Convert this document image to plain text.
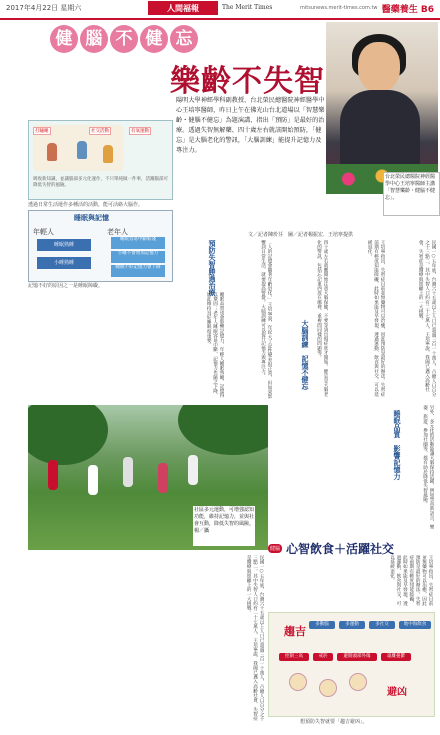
2017年4月22日 星期六	人間福報	The Merit Times	mitsunews.merit-times.com.tw 醫藥養生 B6
健 腦 不 健 忘
樂齡不失智
台北榮民總醫院神經醫學中心王培寧醫師主講「智慧樂齡・健腦不健忘」。
陽明大學神經學科副教授、台北榮民總醫院神經醫學中心王培寧醫師，昨日上午在佛光山台北道場以「智慧樂齡・健腦不健忘」為題演講，指出「預防」是最好的治療。透過失智無解藥、四十歲左右就該開始預防，「健忘」是大腦老化的警訊，「大腦訓練」能提升記憶力及專注力。
打瞌睡	社交活動	有氧運動
吸收新知識，並讓腦部多元化運作，不只單純做一件事，活躍腦部可降低失智的風險。
透過日常生活運作多種活的活動，能可活絡大腦作。
睡眠與記憶
年輕人	老年人
睡眠熟睡
小睡熟睡
睡眠容易中斷較淺
小睡不會增加記憶力
睡眠不好記憶力會下降
記憶不好的原因之一是睡眠障礙。
文／記者陳玠芬　圖／記者楊振宏．王培寧提供
民國一○五年底，台灣六十五歲以上人口已超過三百一十萬人，占總人口百分之十三點二，其中失智人口約有二十七萬人，王培寧說，我國已邁入高齡社會，失智症是醫療與照顧上的一大挑戰。
王培寧指出，失智症目前並無藥物可以治癒，因此預防是最好的辦法。失智症前期有輕度知能障礙，此時如果能及早發現，透過運動、飲食與社交，可以延緩退化。
四十歲左右就應開始注意大腦保健，不要等到出現症狀才開始。健忘是大腦老化的警訊，包括忘記東西放在哪裡、重複問同樣的問題等。
「人的記憶會隨著年齡退化。」王培寧說，年紀大了記性變差很正常，但如果影響到日常生活，就要提高警覺。大腦訓練可以提升記憶力與專注力。
睡眠品質也會影響記憶力，年輕人睡眠熟睡，記憶得以鞏固；老年人睡眠容易中斷，記憶力也隨之下降，因此維持良好睡眠很重要。
另外，多元化的活動能讓大腦保持活躍，例如學習新語言、樂器、旅遊、參加社團等，都有助於降低失智風險。
民國一○五年底，台灣六十五歲以上人口已超過三百一十萬人，占總人口百分之十三點二，其中失智人口約有二十七萬人，王培寧說，我國已邁入高齡社會，失智症是醫療與照顧上的一大挑戰。	王培寧指出，失智症目前並無藥物可以治癒，因此預防是最好的辦法。失智症前期有輕度知能障礙，此時如果能及早發現，透過運動、飲食與社交，可以延緩退化。
預防失智勝過治療
大腦訓練　記憶不健忘
睡眠品質　影響記憶力
社區多元運動，可增強認知功能，維持記憶力，並與社會互動，降低失智的風險。楊／攝
健腦 心智飲食＋活躍社交
趨吉
多動腦	多運動	多社交	地中海飲食
控制三高	戒菸	避開頭部外傷	遠離憂鬱
避凶
想預防失智就要「趨吉避凶」。
